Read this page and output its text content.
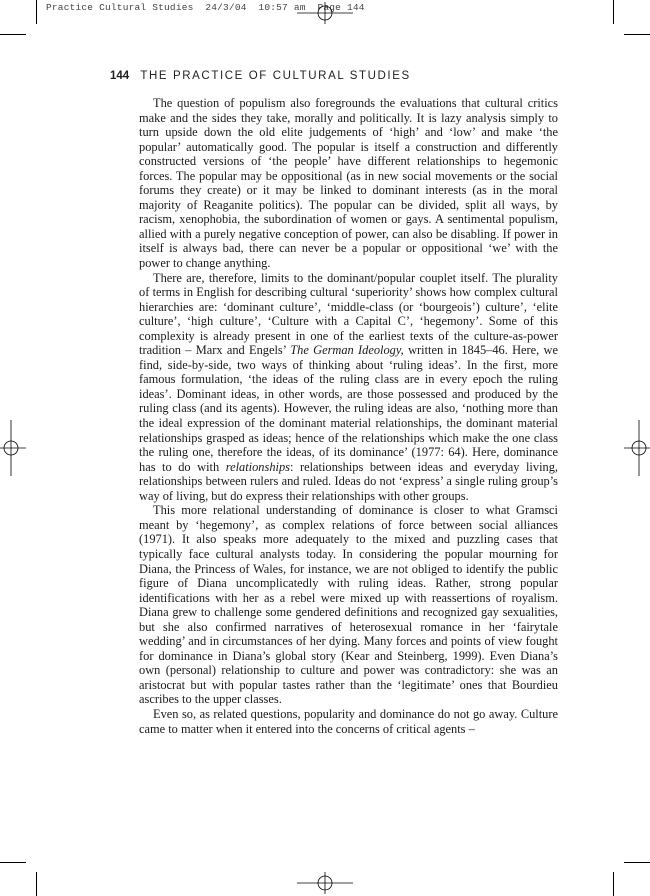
Practice Cultural Studies  24/3/04  10:57 am  Page 144
144 THE PRACTICE OF CULTURAL STUDIES

The question of populism also foregrounds the evaluations that cultural critics make and the sides they take, morally and politically. It is lazy analysis simply to turn upside down the old elite judgements of ‘high’ and ‘low’ and make ‘the popular’ automatically good. The popular is itself a construction and differently constructed versions of ‘the people’ have different relationships to hegemonic forces. The popular may be oppositional (as in new social movements or the social forums they create) or it may be linked to dominant interests (as in the moral majority of Reaganite politics). The popular can be divided, split all ways, by racism, xenophobia, the subordination of women or gays. A sentimental populism, allied with a purely negative conception of power, can also be disabling. If power in itself is always bad, there can never be a popular or oppositional ‘we’ with the power to change anything.

There are, therefore, limits to the dominant/popular couplet itself. The plurality of terms in English for describing cultural ‘superiority’ shows how complex cultural hierarchies are: ‘dominant culture’, ‘middle-class (or ‘bourgeois’) culture’, ‘elite culture’, ‘high culture’, ‘Culture with a Capital C’, ‘hegemony’. Some of this complexity is already present in one of the earliest texts of the culture-as-power tradition – Marx and Engels’ The German Ideology, written in 1845–46. Here, we find, side-by-side, two ways of thinking about ‘ruling ideas’. In the first, more famous formulation, ‘the ideas of the ruling class are in every epoch the ruling ideas’. Dominant ideas, in other words, are those possessed and produced by the ruling class (and its agents). However, the ruling ideas are also, ‘nothing more than the ideal expression of the dominant material relationships, the dominant material relationships grasped as ideas; hence of the relationships which make the one class the ruling one, therefore the ideas, of its dominance’ (1977: 64). Here, dominance has to do with relationships: relationships between ideas and everyday living, relationships between rulers and ruled. Ideas do not ‘express’ a single ruling group’s way of living, but do express their relationships with other groups.

This more relational understanding of dominance is closer to what Gramsci meant by ‘hegemony’, as complex relations of force between social alliances (1971). It also speaks more adequately to the mixed and puzzling cases that typically face cultural analysts today. In considering the popular mourning for Diana, the Princess of Wales, for instance, we are not obliged to identify the public figure of Diana uncomplicatedly with ruling ideas. Rather, strong popular identifications with her as a rebel were mixed up with reassertions of royalism. Diana grew to challenge some gendered definitions and recognized gay sexualities, but she also confirmed narratives of heterosexual romance in her ‘fairytale wedding’ and in circumstances of her dying. Many forces and points of view fought for dominance in Diana’s global story (Kear and Steinberg, 1999). Even Diana’s own (personal) relationship to culture and power was contradictory: she was an aristocrat but with popular tastes rather than the ‘legitimate’ ones that Bourdieu ascribes to the upper classes.

Even so, as related questions, popularity and dominance do not go away. Culture came to matter when it entered into the concerns of critical agents –
